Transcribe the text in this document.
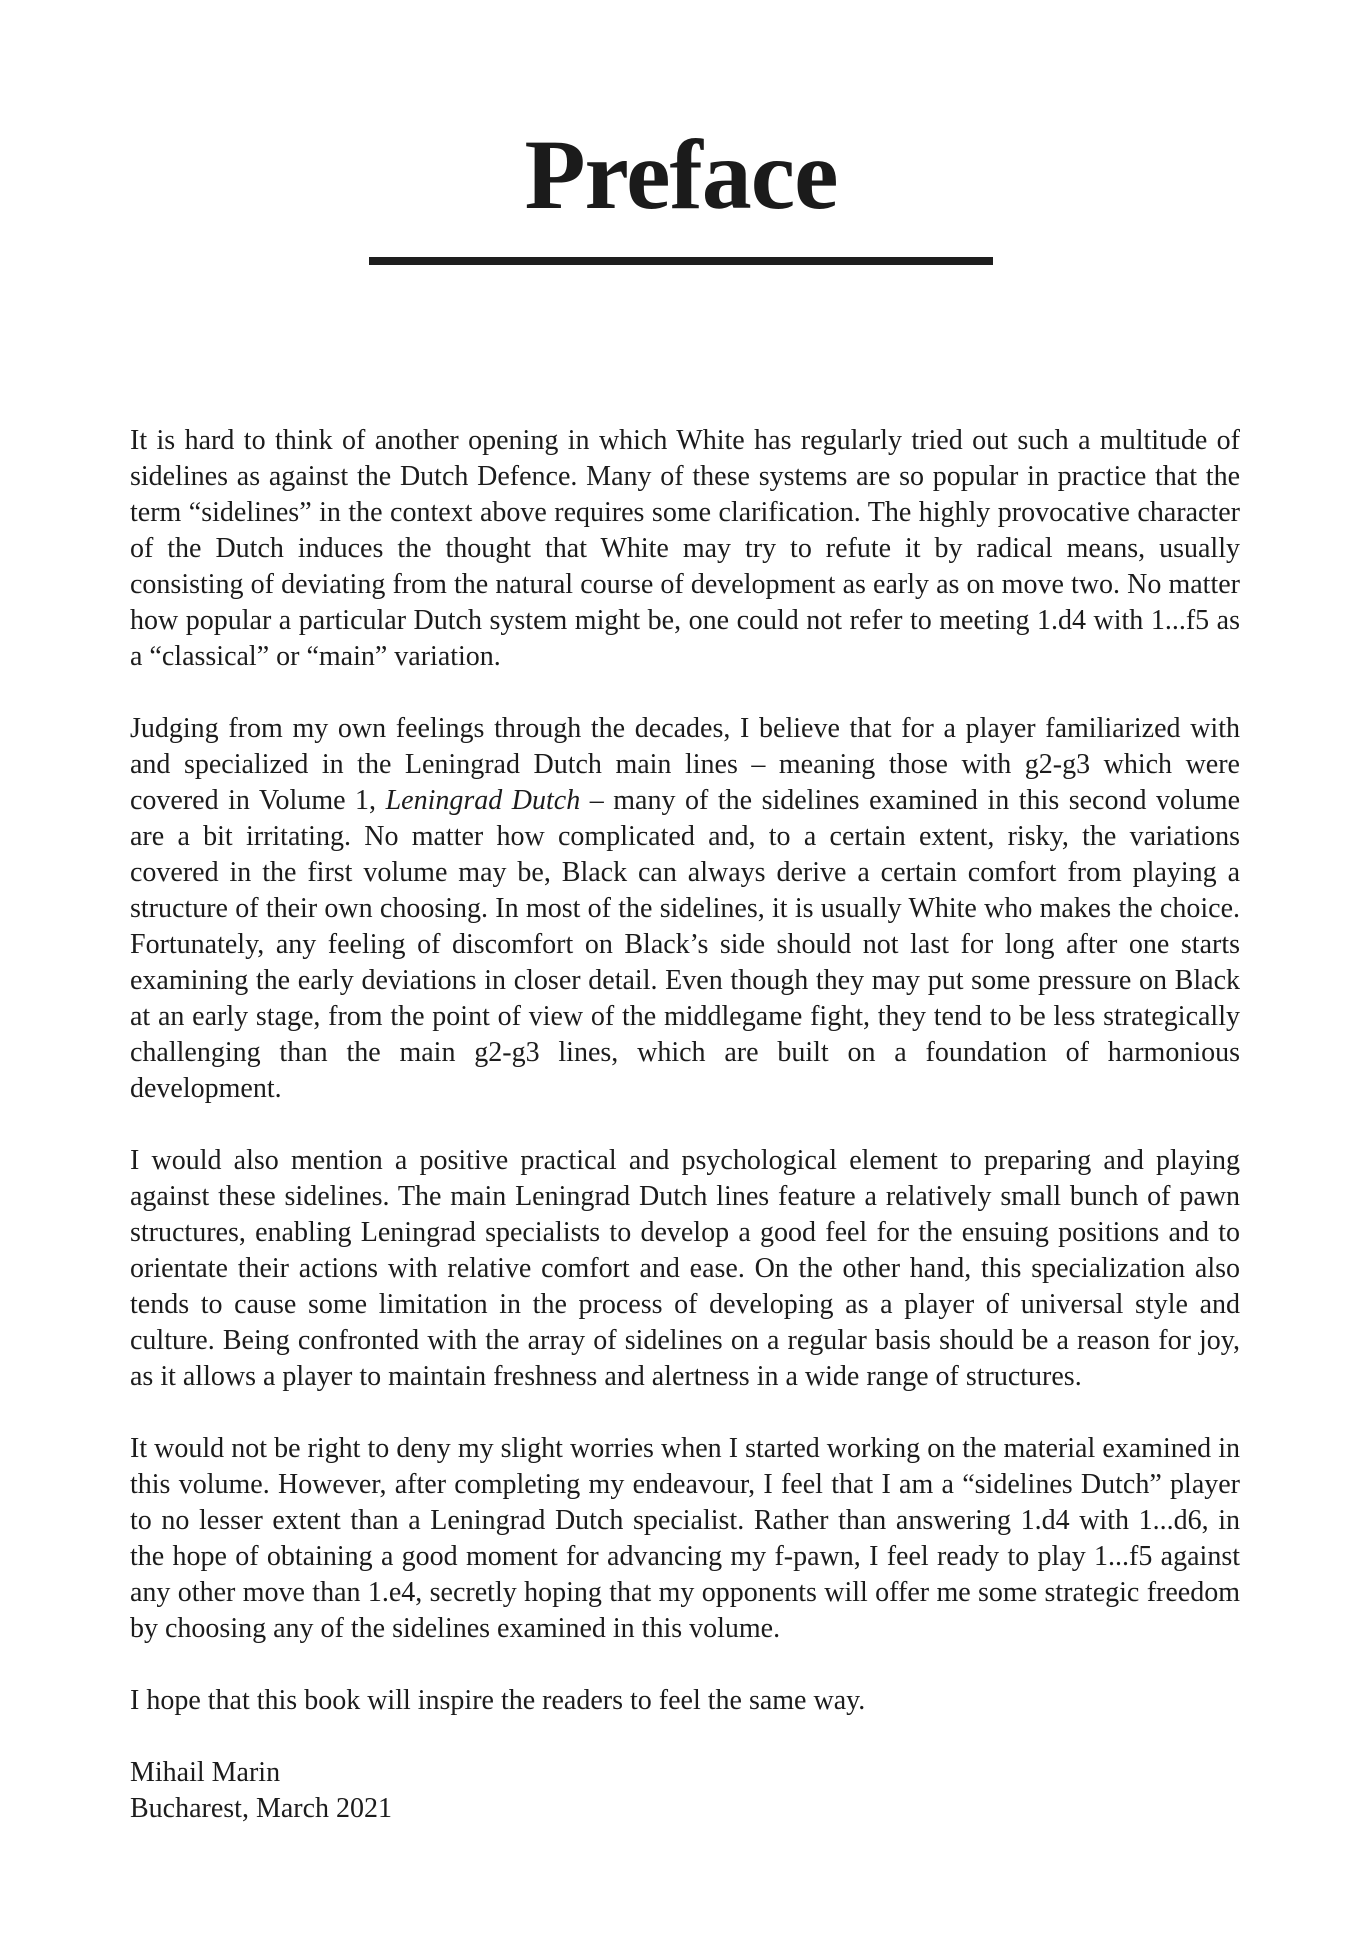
Preface

It is hard to think of another opening in which White has regularly tried out such a multitude of sidelines as against the Dutch Defence. Many of these systems are so popular in practice that the term “sidelines” in the context above requires some clarification. The highly provocative character of the Dutch induces the thought that White may try to refute it by radical means, usually consisting of deviating from the natural course of development as early as on move two. No matter how popular a particular Dutch system might be, one could not refer to meeting 1.d4 with 1...f5 as a “classical” or “main” variation.

Judging from my own feelings through the decades, I believe that for a player familiarized with and specialized in the Leningrad Dutch main lines – meaning those with g2-g3 which were covered in Volume 1, Leningrad Dutch – many of the sidelines examined in this second volume are a bit irritating. No matter how complicated and, to a certain extent, risky, the variations covered in the first volume may be, Black can always derive a certain comfort from playing a structure of their own choosing. In most of the sidelines, it is usually White who makes the choice. Fortunately, any feeling of discomfort on Black’s side should not last for long after one starts examining the early deviations in closer detail. Even though they may put some pressure on Black at an early stage, from the point of view of the middlegame fight, they tend to be less strategically challenging than the main g2-g3 lines, which are built on a foundation of harmonious development.

I would also mention a positive practical and psychological element to preparing and playing against these sidelines. The main Leningrad Dutch lines feature a relatively small bunch of pawn structures, enabling Leningrad specialists to develop a good feel for the ensuing positions and to orientate their actions with relative comfort and ease. On the other hand, this specialization also tends to cause some limitation in the process of developing as a player of universal style and culture. Being confronted with the array of sidelines on a regular basis should be a reason for joy, as it allows a player to maintain freshness and alertness in a wide range of structures.

It would not be right to deny my slight worries when I started working on the material examined in this volume. However, after completing my endeavour, I feel that I am a “sidelines Dutch” player to no lesser extent than a Leningrad Dutch specialist. Rather than answering 1.d4 with 1...d6, in the hope of obtaining a good moment for advancing my f-pawn, I feel ready to play 1...f5 against any other move than 1.e4, secretly hoping that my opponents will offer me some strategic freedom by choosing any of the sidelines examined in this volume.

I hope that this book will inspire the readers to feel the same way.

Mihail Marin
Bucharest, March 2021
